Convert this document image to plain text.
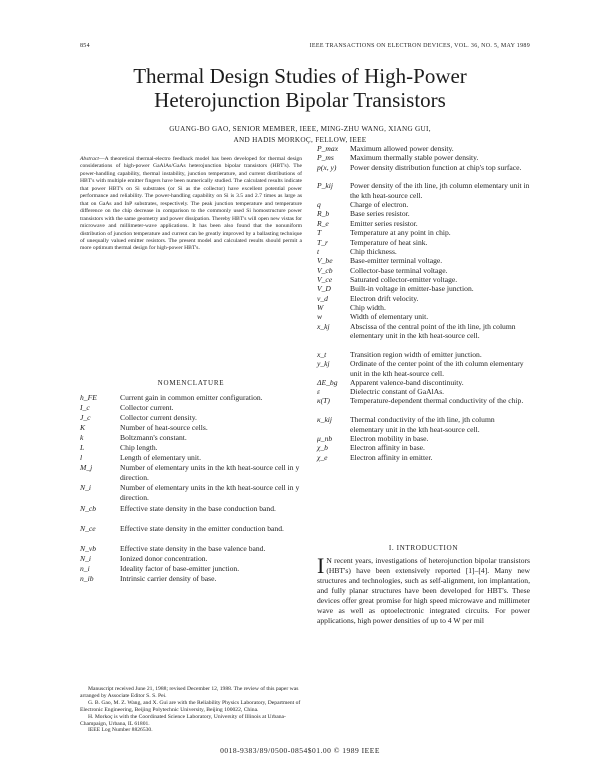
854	IEEE TRANSACTIONS ON ELECTRON DEVICES, VOL. 36, NO. 5, MAY 1989
Thermal Design Studies of High-Power
Heterojunction Bipolar Transistors
GUANG-BO GAO, SENIOR MEMBER, IEEE, MING-ZHU WANG, XIANG GUI,
AND HADIS MORKOÇ, FELLOW, IEEE
Abstract—A theoretical thermal-electro feedback model has been developed for thermal design considerations of high-power GaAlAs/GaAs heterojunction bipolar transistors (HBT's). The power-handling capability, thermal instability, junction temperature, and current distributions of HBT's with multiple emitter fingers have been numerically studied. The calculated results indicate that power HBT's on Si substrates (or Si as the collector) have excellent potential power performance and reliability. The power-handling capability on Si is 3.5 and 2.7 times as large as that on GaAs and InP substrates, respectively. The peak junction temperature and temperature difference on the chip decrease in comparison to the commonly used Si homostructure power transistors with the same geometry and power dissipation. Thereby HBT's will open new vistas for microwave and millimeter-wave applications. It has been also found that the nonuniform distribution of junction temperature and current can be greatly improved by a ballasting technique of unequally valued emitter resistors. The present model and calculated results should permit a more optimum thermal design for high-power HBT's.
NOMENCLATURE
h_FE	Current gain in common emitter configuration.
I_c	Collector current.
J_c	Collector current density.
K	Number of heat-source cells.
k	Boltzmann's constant.
L	Chip length.
l	Length of elementary unit.
M_j	Number of elementary units in the kth heat-source cell in y direction.
N_i	Number of elementary units in the kth heat-source cell in y direction.
N_cb	Effective state density in the base conduction band.
N_ce	Effective state density in the emitter conduction band.
N_vb	Effective state density in the base valence band.
N_i	Ionized donor concentration.
n_i	Ideality factor of base-emitter junction.
n_ib	Intrinsic carrier density of base.
P_max Maximum allowed power density.
P_ms Maximum thermally stable power density.
p(x, y) Power density distribution function at chip's top surface.
P_kij Power density of the ith line, jth column elementary unit in the kth heat-source cell.
q	Charge of electron.
R_b	Base series resistor.
R_e	Emitter series resistor.
T	Temperature at any point in chip.
T_r	Temperature of heat sink.
t	Chip thickness.
V_be Base-emitter terminal voltage.
V_cb Collector-base terminal voltage.
V_ce Saturated collector-emitter voltage.
V_D	Built-in voltage in emitter-base junction.
v_d	Electron drift velocity.
W	Chip width.
w	Width of elementary unit.
x_kj	Abscissa of the central point of the ith line, jth column elementary unit in the kth heat-source cell.
x_t	Transition region width of emitter junction.
y_kj	Ordinate of the center point of the ith column elementary unit in the kth heat-source cell.
ΔE_bg Apparent valence-band discontinuity.
ε	Dielectric constant of GaAlAs.
κ(T)	Temperature-dependent thermal conductivity of the chip.
κ_kij Thermal conductivity of the ith line, jth column elementary unit in the kth heat-source cell.
μ_nb Electron mobility in base.
χ_b	Electron affinity in base.
χ_e	Electron affinity in emitter.
Manuscript received June 21, 1988; revised December 12, 1988. The review of this paper was arranged by Associate Editor S. S. Pei.
G. B. Gao, M. Z. Wang, and X. Gui are with the Reliability Physics Laboratory, Department of Electronic Engineering, Beijing Polytechnic University, Beijing 100022, China.
H. Morkoç is with the Coordinated Science Laboratory, University of Illinois at Urbana-Champaign, Urbana, IL 61801.
IEEE Log Number 8826530.
I. INTRODUCTION
I N recent years, investigations of heterojunction bipolar transistors (HBT's) have been extensively reported [1]–[4]. Many new structures and technologies, such as self-alignment, ion implantation, and fully planar structures have been developed for HBT's. These devices offer great promise for high speed microwave and millimeter wave as well as optoelectronic integrated circuits. For power applications, high power densities of up to 4 W per mil
0018-9383/89/0500-0854$01.00 © 1989 IEEE
